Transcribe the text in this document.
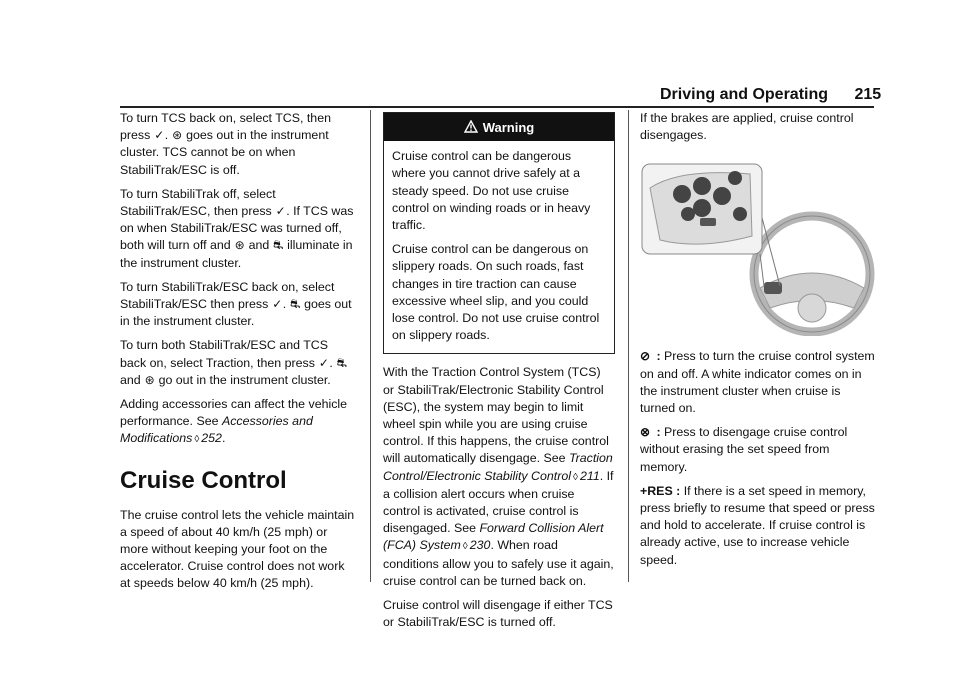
Driving and Operating 215

To turn TCS back on, select TCS, then press ✓. ⊛ goes out in the instrument cluster. TCS cannot be on when StabiliTrak/ESC is off.

To turn StabiliTrak off, select StabiliTrak/ESC, then press ✓. If TCS was on when StabiliTrak/ESC was turned off, both will turn off and ⊛ and ⛐ illuminate in the instrument cluster.

To turn StabiliTrak/ESC back on, select StabiliTrak/ESC then press ✓. ⛐ goes out in the instrument cluster.

To turn both StabiliTrak/ESC and TCS back on, select Traction, then press ✓. ⛐ and ⊛ go out in the instrument cluster.

Adding accessories can affect the vehicle performance. See Accessories and Modifications ◊ 252.

Cruise Control

The cruise control lets the vehicle maintain a speed of about 40 km/h (25 mph) or more without keeping your foot on the accelerator. Cruise control does not work at speeds below 40 km/h (25 mph).

Warning

Cruise control can be dangerous where you cannot drive safely at a steady speed. Do not use cruise control on winding roads or in heavy traffic.

Cruise control can be dangerous on slippery roads. On such roads, fast changes in tire traction can cause excessive wheel slip, and you could lose control. Do not use cruise control on slippery roads.

With the Traction Control System (TCS) or StabiliTrak/Electronic Stability Control (ESC), the system may begin to limit wheel spin while you are using cruise control. If this happens, the cruise control will automatically disengage. See Traction Control/Electronic Stability Control ◊ 211. If a collision alert occurs when cruise control is activated, cruise control is disengaged. See Forward Collision Alert (FCA) System ◊ 230. When road conditions allow you to safely use it again, cruise control can be turned back on.

Cruise control will disengage if either TCS or StabiliTrak/ESC is turned off.

If the brakes are applied, cruise control disengages.

⊘ : Press to turn the cruise control system on and off. A white indicator comes on in the instrument cluster when cruise is turned on.

⊗ : Press to disengage cruise control without erasing the set speed from memory.

+RES : If there is a set speed in memory, press briefly to resume that speed or press and hold to accelerate. If cruise control is already active, use to increase vehicle speed.
